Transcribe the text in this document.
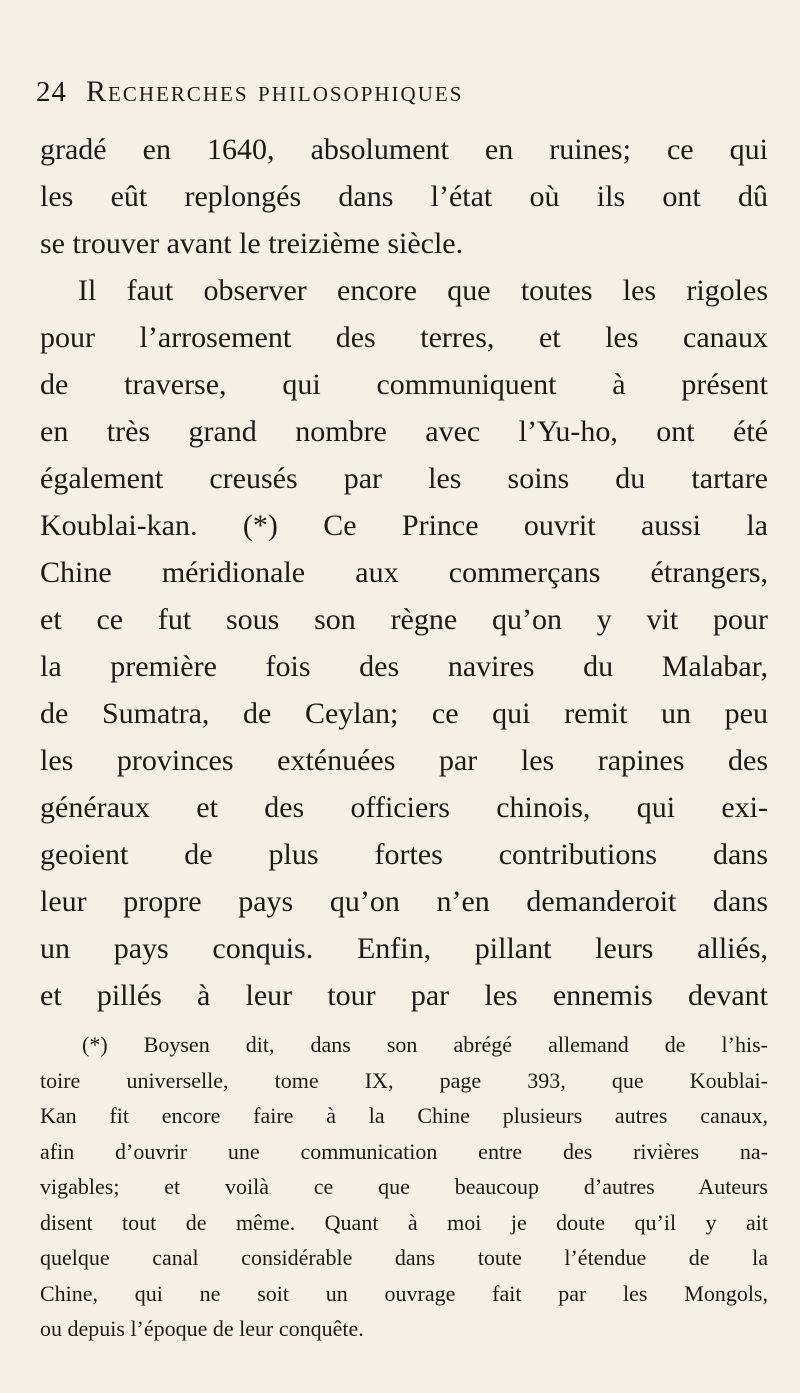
24 Recherches philosophiques
gradé en 1640, absolument en ruines; ce qui
les eût replongés dans l’état où ils ont dû
se trouver avant le treizième siècle.
Il faut observer encore que toutes les rigoles
pour l’arrosement des terres, et les canaux
de traverse, qui communiquent à présent
en très grand nombre avec l’Yu-ho, ont été
également creusés par les soins du tartare
Koublai-kan. (*) Ce Prince ouvrit aussi la
Chine méridionale aux commerçans étrangers,
et ce fut sous son règne qu’on y vit pour
la première fois des navires du Malabar,
de Sumatra, de Ceylan; ce qui remit un peu
les provinces exténuées par les rapines des
généraux et des officiers chinois, qui exi-
geoient de plus fortes contributions dans
leur propre pays qu’on n’en demanderoit dans
un pays conquis. Enfin, pillant leurs alliés,
et pillés à leur tour par les ennemis devant
(*) Boysen dit, dans son abrégé allemand de l’his-
toire universelle, tome IX, page 393, que Koublai-
Kan fit encore faire à la Chine plusieurs autres canaux,
afin d’ouvrir une communication entre des rivières na-
vigables; et voilà ce que beaucoup d’autres Auteurs
disent tout de même. Quant à moi je doute qu’il y ait
quelque canal considérable dans toute l’étendue de la
Chine, qui ne soit un ouvrage fait par les Mongols,
ou depuis l’époque de leur conquête.
